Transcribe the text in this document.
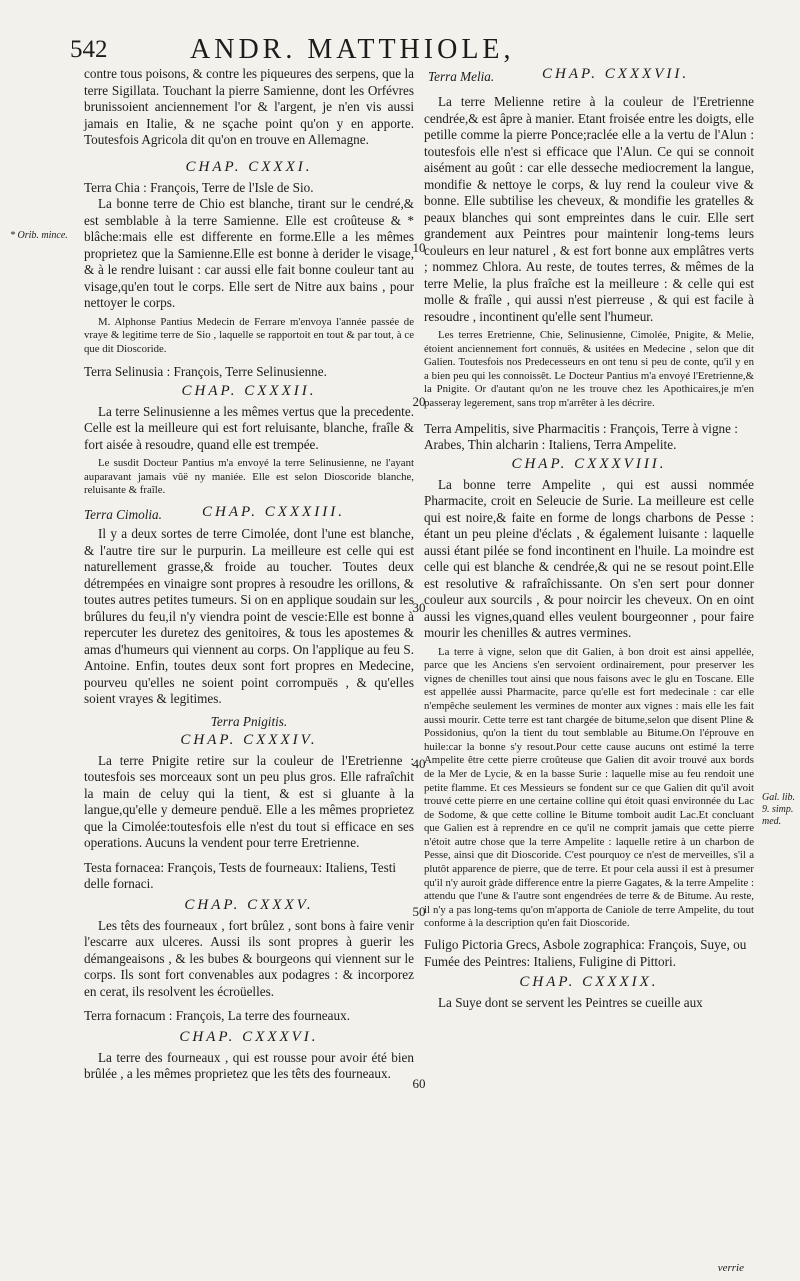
542	ANDR. MATTHIOLE,

contre tous poisons, & contre les piqueures des serpens, que la terre Sigillata. Touchant la pierre Samienne, dont les Orfévres brunissoient anciennement l'or & l'argent, je n'en vis aussi jamais en Italie, & ne sçache point qu'on y en apporte. Toutesfois Agricola dit qu'on en trouve en Allemagne.

CHAP. CXXXI.
Terra Chia : François, Terre de l'Isle de Sio.

La bonne terre de Chio est blanche, tirant sur le cendré,& est semblable à la terre Samienne. Elle est croûteuse & * blâche:mais elle est differente en forme.Elle a les mêmes proprietez que la Samienne.Elle est bonne à derider le visage, & à le rendre luisant : car aussi elle fait bonne couleur tant au visage,qu'en tout le corps. Elle sert de Nitre aux bains , pour nettoyer le corps.

M. Alphonse Pantius Medecin de Ferrare m'envoya l'année passée de vraye & legitime terre de Sio , laquelle se rapportoit en tout & par tout, à ce que dit Dioscoride.

Terra Selinusia : François, Terre Selinusienne.
CHAP. CXXXII.

La terre Selinusienne a les mêmes vertus que la precedente. Celle est la meilleure qui est fort reluisante, blanche, fraîle & fort aisée à resoudre, quand elle est trempée.

Le susdit Docteur Pantius m'a envoyé la terre Selinusienne, ne l'ayant auparavant jamais vûë ny maniée. Elle est selon Dioscoride blanche, reluisante & fraîle.

Terra Cimolia.	CHAP. CXXXIII.

Il y a deux sortes de terre Cimolée, dont l'une est blanche, & l'autre tire sur le purpurin. La meilleure est celle qui est naturellement grasse,& froide au toucher. Toutes deux détrempées en vinaigre sont propres à resoudre les orillons, & toutes autres petites tumeurs. Si on en applique soudain sur les brûlures du feu,il n'y viendra point de vescie:Elle est bonne à repercuter les duretez des genitoires, & tous les apostemes & amas d'humeurs qui viennent au corps. On l'applique au feu S. Antoine. Enfin, toutes deux sont fort propres en Medecine, pourveu qu'elles ne soient point corrompuës , & qu'elles soient vrayes & legitimes.

Terra Pnigitis.
CHAP. CXXXIV.

La terre Pnigite retire sur la couleur de l'Eretrienne : toutesfois ses morceaux sont un peu plus gros. Elle rafraîchit la main de celuy qui la tient, & est si gluante à la langue,qu'elle y demeure penduë. Elle a les mêmes proprietez que la Cimolée:toutesfois elle n'est du tout si efficace en ses operations. Aucuns la vendent pour terre Eretrienne.

Testa fornacea: François, Tests de fourneaux: Italiens, Testi delle fornaci.
CHAP. CXXXV.

Les têts des fourneaux , fort brûlez , sont bons à faire venir l'escarre aux ulceres. Aussi ils sont propres à guerir les démangeaisons , & les bubes & bourgeons qui viennent sur le corps. Ils sont fort convenables aux podagres : & incorporez en cerat, ils resolvent les écroüelles.

Terra fornacum : François, La terre des fourneaux.
CHAP. CXXXVI.

La terre des fourneaux , qui est rousse pour avoir été bien brûlée , a les mêmes proprietez que les têts des fourneaux.

Terra Melia.	CHAP. CXXXVII.

La terre Melienne retire à la couleur de l'Eretrienne cendrée,& est âpre à manier. Etant froisée entre les doigts, elle petille comme la pierre Ponce;raclée elle a la vertu de l'Alun : toutesfois elle n'est si efficace que l'Alun. Ce qui se connoit aisément au goût : car elle desseche mediocrement la langue, mondifie & nettoye le corps, & luy rend la couleur vive & bonne. Elle subtilise les cheveux, & mondifie les gratelles & peaux blanches qui sont empreintes dans le cuir. Elle sert grandement aux Peintres pour maintenir long-tems leurs couleurs en leur naturel , & est fort bonne aux emplâtres verts ; nommez Chlora. Au reste, de toutes terres, & mêmes de la terre Melie, la plus fraîche est la meilleure : & celle qui est molle & fraîle , qui aussi n'est pierreuse , & qui est facile à resoudre , incontinent qu'elle sent l'humeur.

Les terres Eretrienne, Chie, Selinusienne, Cimolée, Pnigite, & Melie, étoient anciennement fort connuës, & usitées en Medecine , selon que dit Galien. Toutesfois nos Predecesseurs en ont tenu si peu de conte, qu'il y en a bien peu qui les connoissêt. Le Docteur Pantius m'a envoyé l'Eretrienne,& la Pnigite. Or d'autant qu'on ne les trouve chez les Apothicaires,je m'en passeray legerement, sans trop m'arrêter à les décrire.

Terra Ampelitis, sive Pharmacitis : François, Terre à vigne : Arabes, Thin alcharin : Italiens, Terra Ampelite.
CHAP. CXXXVIII.

La bonne terre Ampelite , qui est aussi nommée Pharmacite, croit en Seleucie de Surie. La meilleure est celle qui est noire,& faite en forme de longs charbons de Pesse : étant un peu pleine d'éclats , & également luisante : laquelle aussi étant pilée se fond incontinent en l'huile. La moindre est celle qui est blanche & cendrée,& qui ne se resout point.Elle est resolutive & rafraîchissante. On s'en sert pour donner couleur aux sourcils , & pour noircir les cheveux. On en oint aussi les vignes,quand elles veulent bourgeonner , pour faire mourir les chenilles & autres vermines.

La terre à vigne, selon que dit Galien, à bon droit est ainsi appellée, parce que les Anciens s'en servoient ordinairement, pour preserver les vignes de chenilles tout ainsi que nous faisons avec le glu en Toscane. Elle est appellée aussi Pharmacite, parce qu'elle est fort medecinale : car elle n'empêche seulement les vermines de monter aux vignes : mais elle les fait aussi mourir. Cette terre est tant chargée de bitume,selon que disent Pline & Possidonius, qu'on la tient du tout semblable au Bitume.On l'éprouve en huile:car la bonne s'y resout.Pour cette cause aucuns ont estimé la terre Ampelite être cette pierre croûteuse que Galien dit avoir trouvé aux bords de la Mer de Lycie, & en la basse Surie : laquelle mise au feu rendoit une petite flamme. Et ces Messieurs se fondent sur ce que Galien dit qu'il avoit trouvé cette pierre en une certaine colline qui étoit quasi environnée du Lac de Sodome, & que cette colline le Bitume tomboit audit Lac.Et concluant que Galien est à reprendre en ce qu'il ne comprit jamais que cette pierre n'étoit autre chose que la terre Ampelite : laquelle retire à un charbon de Pesse, ainsi que dit Dioscoride. C'est pourquoy ce n'est de merveilles, s'il a plutôt apparence de pierre, que de terre. Et pour cela aussi il est à presumer qu'il n'y auroit gràde difference entre la pierre Gagates, & la terre Ampelite : attendu que l'une & l'autre sont engendrées de terre & de Bitume. Au reste, il n'y a pas long-tems qu'on m'apporta de Caniole de terre Ampelite, du tout conforme à la description qu'en fait Dioscoride.

Fuligo Pictoria Grecs, Asbole zographica: François, Suye, ou Fumée des Peintres: Italiens, Fuligine di Pittori.
CHAP. CXXXIX.

La Suye dont se servent les Peintres se cueille aux

10
20
30
40
50
60
* Orib. mince.
Gal. lib. 9. simp. med.
verrie
